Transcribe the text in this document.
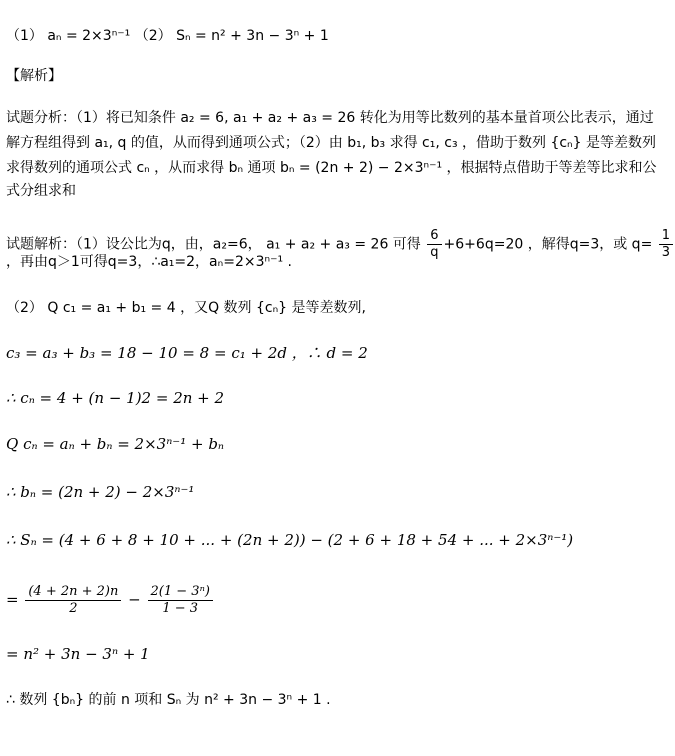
（1） aₙ = 2×3ⁿ⁻¹ （2） Sₙ = n² + 3n − 3ⁿ + 1
【解析】
试题分析：（1）将已知条件 a₂ = 6, a₁ + a₂ + a₃ = 26 转化为用等比数列的基本量首项公比表示，通过
解方程组得到 a₁, q 的值，从而得到通项公式；（2）由 b₁, b₃ 求得 c₁, c₃ ，借助于数列 {cₙ} 是等差数列
求得数列的通项公式 cₙ ，从而求得 bₙ 通项 bₙ = (2n + 2) − 2×3ⁿ⁻¹ ，根据特点借助于等差等比求和公
式分组求和
试题解析：（1）设公比为q，由，a₂=6， a₁ + a₂ + a₃ = 26 可得 $\frac{6}{q} +6+6q=20$ ，解得q=3，或 $q= \frac{1}{3}$
，再由q＞1可得q=3，∴a₁=2，aₙ=2×3ⁿ⁻¹ .
（2） Q c₁ = a₁ + b₁ = 4 ，又Q 数列 {cₙ} 是等差数列,
c₃ = a₃ + b₃ = 18 − 10 = 8 = c₁ + 2d ，∴ d = 2
∴ cₙ = 4 + (n − 1)2 = 2n + 2
Q cₙ = aₙ + bₙ = 2×3ⁿ⁻¹ + bₙ
∴ bₙ = (2n + 2) − 2×3ⁿ⁻¹
∴ Sₙ = (4 + 6 + 8 + 10 + ... + (2n + 2)) − (2 + 6 + 18 + 54 + ... + 2×3ⁿ⁻¹)
= $\frac{(4 + 2n + 2)n}{2} - \frac{\text{2(1 − 3ⁿ)}}{1 - 3}$
= n² + 3n − 3ⁿ + 1
∴ 数列 {bₙ} 的前 n 项和 Sₙ 为 n² + 3n − 3ⁿ + 1 .
